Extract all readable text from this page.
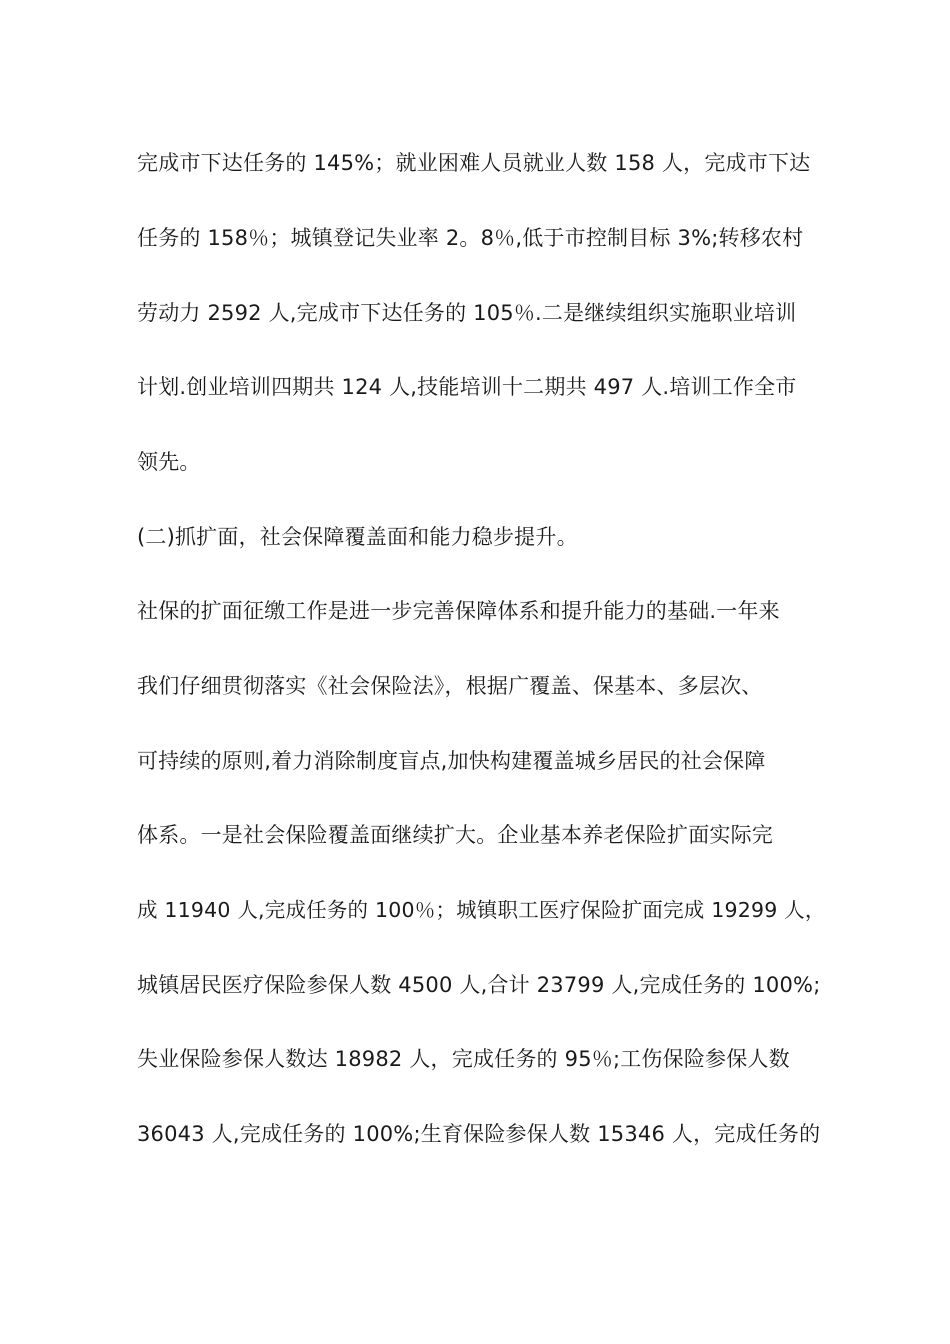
完成市下达任务的 145%；就业困难人员就业人数 158 人，完成市下达

任务的 158％；城镇登记失业率 2。8％,低于市控制目标 3%;转移农村

劳动力 2592 人,完成市下达任务的 105％.二是继续组织实施职业培训

计划.创业培训四期共 124 人,技能培训十二期共 497 人.培训工作全市

领先。

(二)抓扩面，社会保障覆盖面和能力稳步提升。

社保的扩面征缴工作是进一步完善保障体系和提升能力的基础.一年来

我们仔细贯彻落实《社会保险法》，根据广覆盖、保基本、多层次、

可持续的原则,着力消除制度盲点,加快构建覆盖城乡居民的社会保障

体系。一是社会保险覆盖面继续扩大。企业基本养老保险扩面实际完

成 11940 人,完成任务的 100％；城镇职工医疗保险扩面完成 19299 人，

城镇居民医疗保险参保人数 4500 人,合计 23799 人,完成任务的 100%;

失业保险参保人数达 18982 人，完成任务的 95％;工伤保险参保人数

36043 人,完成任务的 100%;生育保险参保人数 15346 人，完成任务的
